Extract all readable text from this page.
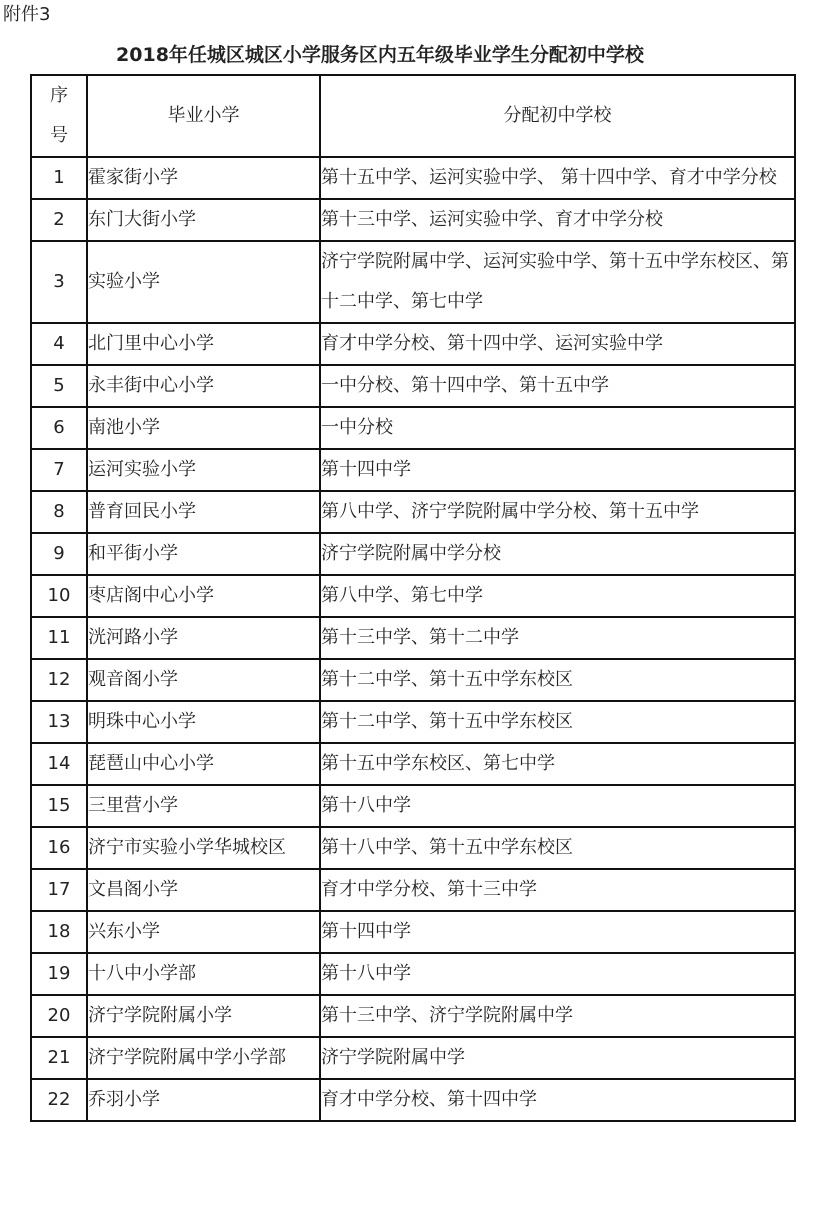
附件3
2018年任城区城区小学服务区内五年级毕业学生分配初中学校
序
号	毕业小学	分配初中学校
1	霍家街小学	第十五中学、运河实验中学、 第十四中学、育才中学分校
2	东门大街小学	第十三中学、运河实验中学、育才中学分校
3	实验小学	济宁学院附属中学、运河实验中学、第十五中学东校区、第十二中学、第七中学
4	北门里中心小学	育才中学分校、第十四中学、运河实验中学
5	永丰街中心小学	一中分校、第十四中学、第十五中学
6	南池小学	一中分校
7	运河实验小学	第十四中学
8	普育回民小学	第八中学、济宁学院附属中学分校、第十五中学
9	和平街小学	济宁学院附属中学分校
10	枣店阁中心小学	第八中学、第七中学
11	洸河路小学	第十三中学、第十二中学
12	观音阁小学	第十二中学、第十五中学东校区
13	明珠中心小学	第十二中学、第十五中学东校区
14	琵琶山中心小学	第十五中学东校区、第七中学
15	三里营小学	第十八中学
16	济宁市实验小学华城校区	第十八中学、第十五中学东校区
17	文昌阁小学	育才中学分校、第十三中学
18	兴东小学	第十四中学
19	十八中小学部	第十八中学
20	济宁学院附属小学	第十三中学、济宁学院附属中学
21	济宁学院附属中学小学部	济宁学院附属中学
22	乔羽小学	育才中学分校、第十四中学
